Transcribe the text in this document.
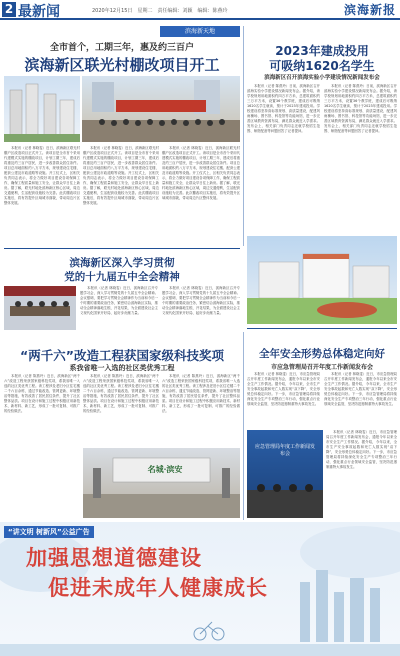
2 最新闻	2020年12月15日　星期二　责任编辑：刘颖　编辑：陈燕玲	滨海新报
滨海新天地
全市首个，工期三年，惠及约三百户
滨海新区联光村棚改项目开工

本报讯（记者 林晓雯）近日，滨海新区联光村棚户区改造项目正式开工。该项目是全市首个采用代建模式实施的棚改项目，计划工期三年，建成后将惠及约三百户居民，进一步改善群众居住条件。项目总用地面积约八万平方米，规划建设住宅楼、配套公建及市政道路等设施。开工仪式上，区相关负责同志表示，将全力做好项目建设各项保障工作，确保工程质量和施工安全，让群众早日住上新房。据了解，联光村地处滨海新区核心区域，周边交通便利，生活配套设施较为完善。此次棚改项目实施后，将有效提升区域城市面貌，带动周边片区整体发展。

本报讯（记者 林晓雯）近日，滨海新区联光村棚户区改造项目正式开工。该项目是全市首个采用代建模式实施的棚改项目，计划工期三年，建成后将惠及约三百户居民，进一步改善群众居住条件。项目总用地面积约八万平方米，规划建设住宅楼、配套公建及市政道路等设施。开工仪式上，区相关负责同志表示，将全力做好项目建设各项保障工作，确保工程质量和施工安全，让群众早日住上新房。据了解，联光村地处滨海新区核心区域，周边交通便利，生活配套设施较为完善。此次棚改项目实施后，将有效提升区域城市面貌，带动周边片区整体发展。

本报讯（记者 林晓雯）近日，滨海新区联光村棚户区改造项目正式开工。该项目是全市首个采用代建模式实施的棚改项目，计划工期三年，建成后将惠及约三百户居民，进一步改善群众居住条件。项目总用地面积约八万平方米，规划建设住宅楼、配套公建及市政道路等设施。开工仪式上，区相关负责同志表示，将全力做好项目建设各项保障工作，确保工程质量和施工安全，让群众早日住上新房。据了解，联光村地处滨海新区核心区域，周边交通便利，生活配套设施较为完善。此次棚改项目实施后，将有效提升区域城市面貌，带动周边片区整体发展。

2023年建成投用
可吸纳1620名学生
滨海新区召开滨海实验小学建设情况新闻发布会

本报讯（记者 陈燕玲）日前，滨海新区召开滨海实验小学建设情况新闻发布会。据介绍，该学校规划用地面积约四万平方米，总建筑面积约三万平方米，设置36个教学班，建成后可吸纳1620名学生就读，预计于2023年建成投用。学校建设将坚持高标准规划、高质量建设，配建风雨操场、图书馆、科技馆等功能场馆，进一步完善区域教育资源布局，满足群众就近入学需求。发布会上，相关部门负责同志还就学校招生范围、师资配备等问题回答了记者提问。

本报讯（记者 陈燕玲）日前，滨海新区召开滨海实验小学建设情况新闻发布会。据介绍，该学校规划用地面积约四万平方米，总建筑面积约三万平方米，设置36个教学班，建成后可吸纳1620名学生就读，预计于2023年建成投用。学校建设将坚持高标准规划、高质量建设，配建风雨操场、图书馆、科技馆等功能场馆，进一步完善区域教育资源布局，满足群众就近入学需求。发布会上，相关部门负责同志还就学校招生范围、师资配备等问题回答了记者提问。

滨海新区深入学习贯彻
党的十九届五中全会精神

本报讯（记者 林晓雯）近日，滨海新区召开专题学习会，深入学习贯彻党的十九届五中全会精神。会议强调，要把学习贯彻全会精神作为当前和今后一个时期的重要政治任务，紧密结合滨海新区实际，推动全会精神落地生根、开花结果，为全面建设社会主义现代化国家开好局、起好步贡献力量。

本报讯（记者 林晓雯）近日，滨海新区召开专题学习会，深入学习贯彻党的十九届五中全会精神。会议强调，要把学习贯彻全会精神作为当前和今后一个时期的重要政治任务，紧密结合滨海新区实际，推动全会精神落地生根、开花结果，为全面建设社会主义现代化国家开好局、起好步贡献力量。

“两千六”改造工程获国家级科技奖项
系我省唯一入选的社区类优秀工程

本报讯（记者 陈燕玲）近日，滨海新区“两千六”改造工程荣获国家级科技奖项，系我省唯一入选的社区类优秀工程。该工程涉及老旧小区住宅楼二千六百余栋，通过节能改造、管网更新、环境整治等措施，有效改善了居民居住条件，提升了社区整体品质。项目在设计和施工过程中积极应用新技术、新材料、新工艺，形成了一批可复制、可推广的经验做法。

本报讯（记者 陈燕玲）近日，滨海新区“两千六”改造工程荣获国家级科技奖项，系我省唯一入选的社区类优秀工程。该工程涉及老旧小区住宅楼二千六百余栋，通过节能改造、管网更新、环境整治等措施，有效改善了居民居住条件，提升了社区整体品质。项目在设计和施工过程中积极应用新技术、新材料、新工艺，形成了一批可复制、可推广的经验做法。

本报讯（记者 陈燕玲）近日，滨海新区“两千六”改造工程荣获国家级科技奖项，系我省唯一入选的社区类优秀工程。该工程涉及老旧小区住宅楼二千六百余栋，通过节能改造、管网更新、环境整治等措施，有效改善了居民居住条件，提升了社区整体品质。项目在设计和施工过程中积极应用新技术、新材料、新工艺，形成了一批可复制、可推广的经验做法。

名城·滨安
全年安全形势总体稳定向好
市应急管理局召开年度工作新闻发布会

本报讯（记者 林晓雯）近日，市应急管理局召开年度工作新闻发布会，通报今年以来全市安全生产工作情况。据介绍，今年以来，全市生产安全事故起数和死亡人数实现“双下降”，安全形势总体稳定向好。下一步，市应急管理局将持续深化安全生产专项整治三年行动，强化重点行业领域安全监管，坚决防范遏制重特大事故发生。

本报讯（记者 林晓雯）近日，市应急管理局召开年度工作新闻发布会，通报今年以来全市安全生产工作情况。据介绍，今年以来，全市生产安全事故起数和死亡人数实现“双下降”，安全形势总体稳定向好。下一步，市应急管理局将持续深化安全生产专项整治三年行动，强化重点行业领域安全监管，坚决防范遏制重特大事故发生。

应急管理局年度工作新闻发布会

本报讯（记者 林晓雯）近日，市应急管理局召开年度工作新闻发布会，通报今年以来全市安全生产工作情况。据介绍，今年以来，全市生产安全事故起数和死亡人数实现“双下降”，安全形势总体稳定向好。下一步，市应急管理局将持续深化安全生产专项整治三年行动，强化重点行业领域安全监管，坚决防范遏制重特大事故发生。

“讲文明 树新风”公益广告
加强思想道德建设
促进未成年人健康成长
